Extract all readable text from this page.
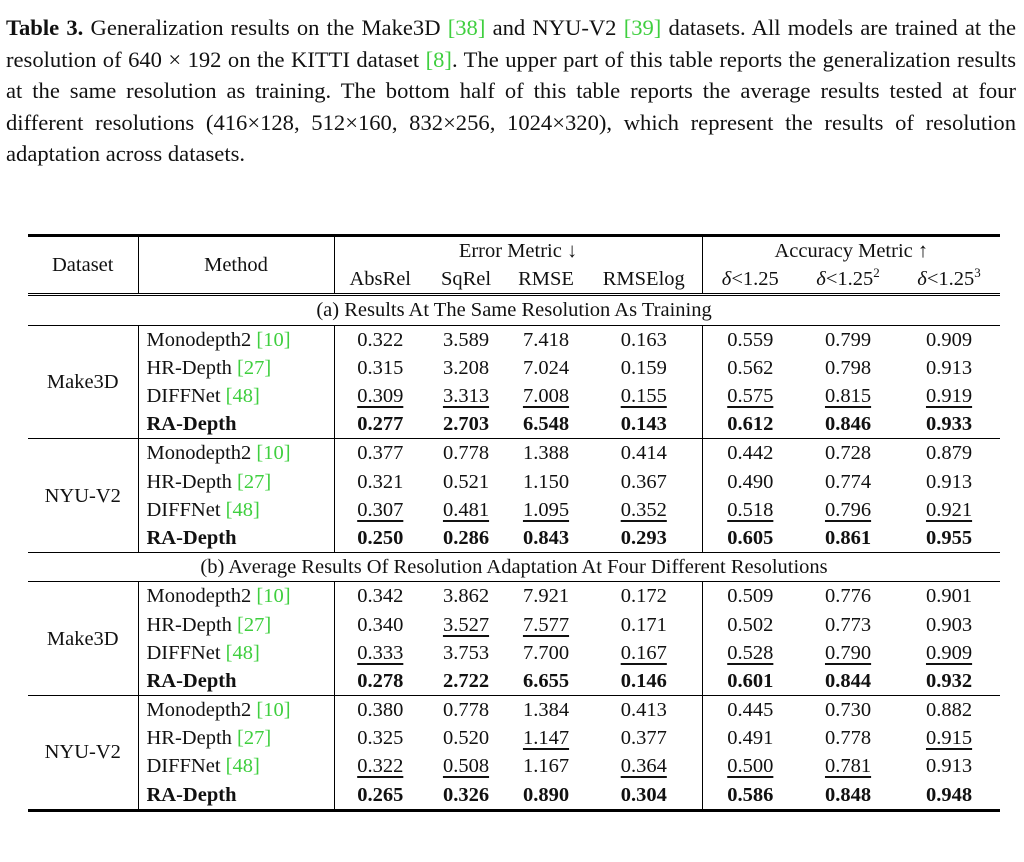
Table 3. Generalization results on the Make3D [38] and NYU-V2 [39] datasets. All models are trained at the resolution of 640 × 192 on the KITTI dataset [8]. The upper part of this table reports the generalization results at the same resolution as training. The bottom half of this table reports the average results tested at four different resolutions (416×128, 512×160, 832×256, 1024×320), which represent the results of resolution adaptation across datasets.
Dataset	Method	Error Metric ↓				Accuracy Metric ↑		
		AbsRel	SqRel	RMSE	RMSElog	δ<1.25	$\delta<1.25^2$	$\delta<1.25^3$
(a) Results At The Same Resolution As Training								
Make3D	Monodepth2 [10]	0.322	3.589	7.418	0.163	0.559	0.799	0.909
	HR-Depth [27]	0.315	3.208	7.024	0.159	0.562	0.798	0.913
	DIFFNet [48]	0.309	3.313	7.008	0.155	0.575	0.815	0.919
	RA-Depth	0.277	2.703	6.548	0.143	0.612	0.846	0.933
NYU-V2	Monodepth2 [10]	0.377	0.778	1.388	0.414	0.442	0.728	0.879
	HR-Depth [27]	0.321	0.521	1.150	0.367	0.490	0.774	0.913
	DIFFNet [48]	0.307	0.481	1.095	0.352	0.518	0.796	0.921
	RA-Depth	0.250	0.286	0.843	0.293	0.605	0.861	0.955
(b) Average Results Of Resolution Adaptation At Four Different Resolutions								
Make3D	Monodepth2 [10]	0.342	3.862	7.921	0.172	0.509	0.776	0.901
	HR-Depth [27]	0.340	3.527	7.577	0.171	0.502	0.773	0.903
	DIFFNet [48]	0.333	3.753	7.700	0.167	0.528	0.790	0.909
	RA-Depth	0.278	2.722	6.655	0.146	0.601	0.844	0.932
NYU-V2	Monodepth2 [10]	0.380	0.778	1.384	0.413	0.445	0.730	0.882
	HR-Depth [27]	0.325	0.520	1.147	0.377	0.491	0.778	0.915
	DIFFNet [48]	0.322	0.508	1.167	0.364	0.500	0.781	0.913
	RA-Depth	0.265	0.326	0.890	0.304	0.586	0.848	0.948
